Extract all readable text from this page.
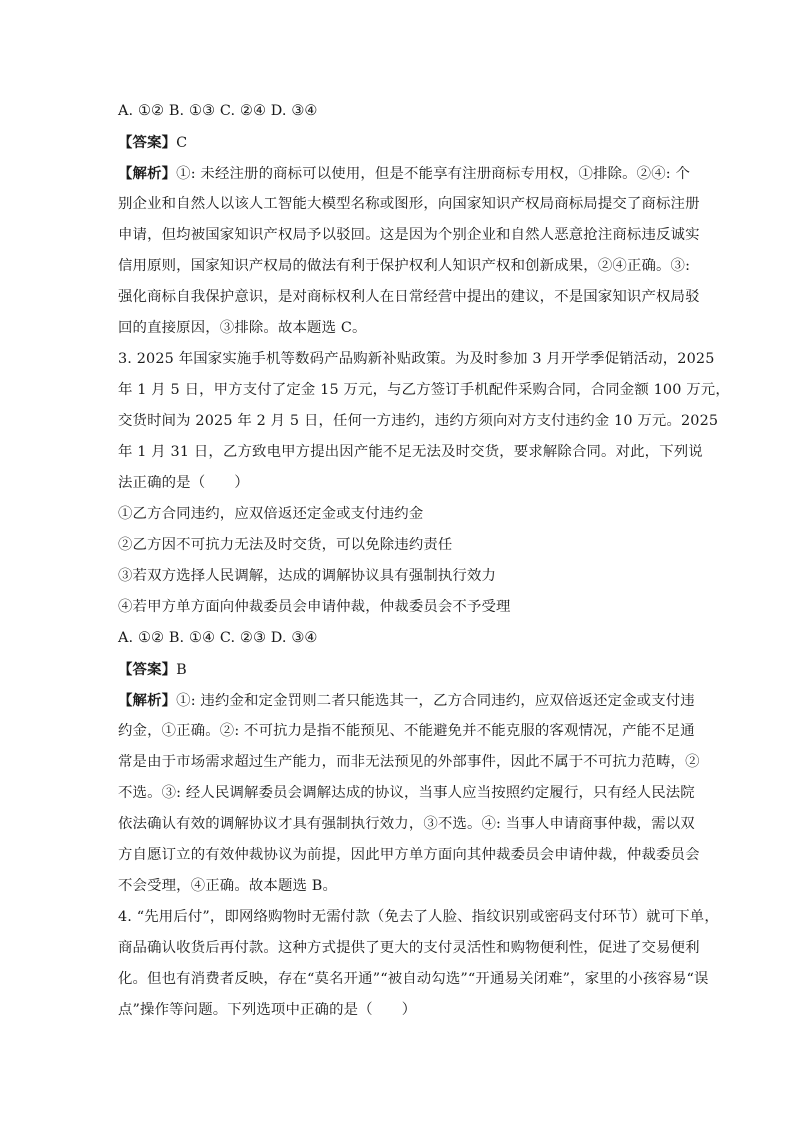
A. ①② B. ①③ C. ②④ D. ③④
【答案】C
【解析】①: 未经注册的商标可以使用，但是不能享有注册商标专用权，①排除。②④: 个
别企业和自然人以该人工智能大模型名称或图形，向国家知识产权局商标局提交了商标注册
申请，但均被国家知识产权局予以驳回。这是因为个别企业和自然人恶意抢注商标违反诚实
信用原则，国家知识产权局的做法有利于保护权利人知识产权和创新成果，②④正确。③:
强化商标自我保护意识，是对商标权利人在日常经营中提出的建议，不是国家知识产权局驳
回的直接原因，③排除。故本题选 C。
3. 2025 年国家实施手机等数码产品购新补贴政策。为及时参加 3 月开学季促销活动，2025
年 1 月 5 日，甲方支付了定金 15 万元，与乙方签订手机配件采购合同，合同金额 100 万元，
交货时间为 2025 年 2 月 5 日，任何一方违约，违约方须向对方支付违约金 10 万元。2025
年 1 月 31 日，乙方致电甲方提出因产能不足无法及时交货，要求解除合同。对此，下列说
法正确的是（　　）
①乙方合同违约，应双倍返还定金或支付违约金
②乙方因不可抗力无法及时交货，可以免除违约责任
③若双方选择人民调解，达成的调解协议具有强制执行效力
④若甲方单方面向仲裁委员会申请仲裁，仲裁委员会不予受理
A. ①② B. ①④ C. ②③ D. ③④
【答案】B
【解析】①: 违约金和定金罚则二者只能选其一，乙方合同违约，应双倍返还定金或支付违
约金，①正确。②: 不可抗力是指不能预见、不能避免并不能克服的客观情况，产能不足通
常是由于市场需求超过生产能力，而非无法预见的外部事件，因此不属于不可抗力范畴，②
不选。③: 经人民调解委员会调解达成的协议，当事人应当按照约定履行，只有经人民法院
依法确认有效的调解协议才具有强制执行效力，③不选。④: 当事人申请商事仲裁，需以双
方自愿订立的有效仲裁协议为前提，因此甲方单方面向其仲裁委员会申请仲裁，仲裁委员会
不会受理，④正确。故本题选 B。
4. “先用后付”，即网络购物时无需付款（免去了人脸、指纹识别或密码支付环节）就可下单，
商品确认收货后再付款。这种方式提供了更大的支付灵活性和购物便利性，促进了交易便利
化。但也有消费者反映，存在“莫名开通”“被自动勾选”“开通易关闭难”，家里的小孩容易“误
点”操作等问题。下列选项中正确的是（　　）
